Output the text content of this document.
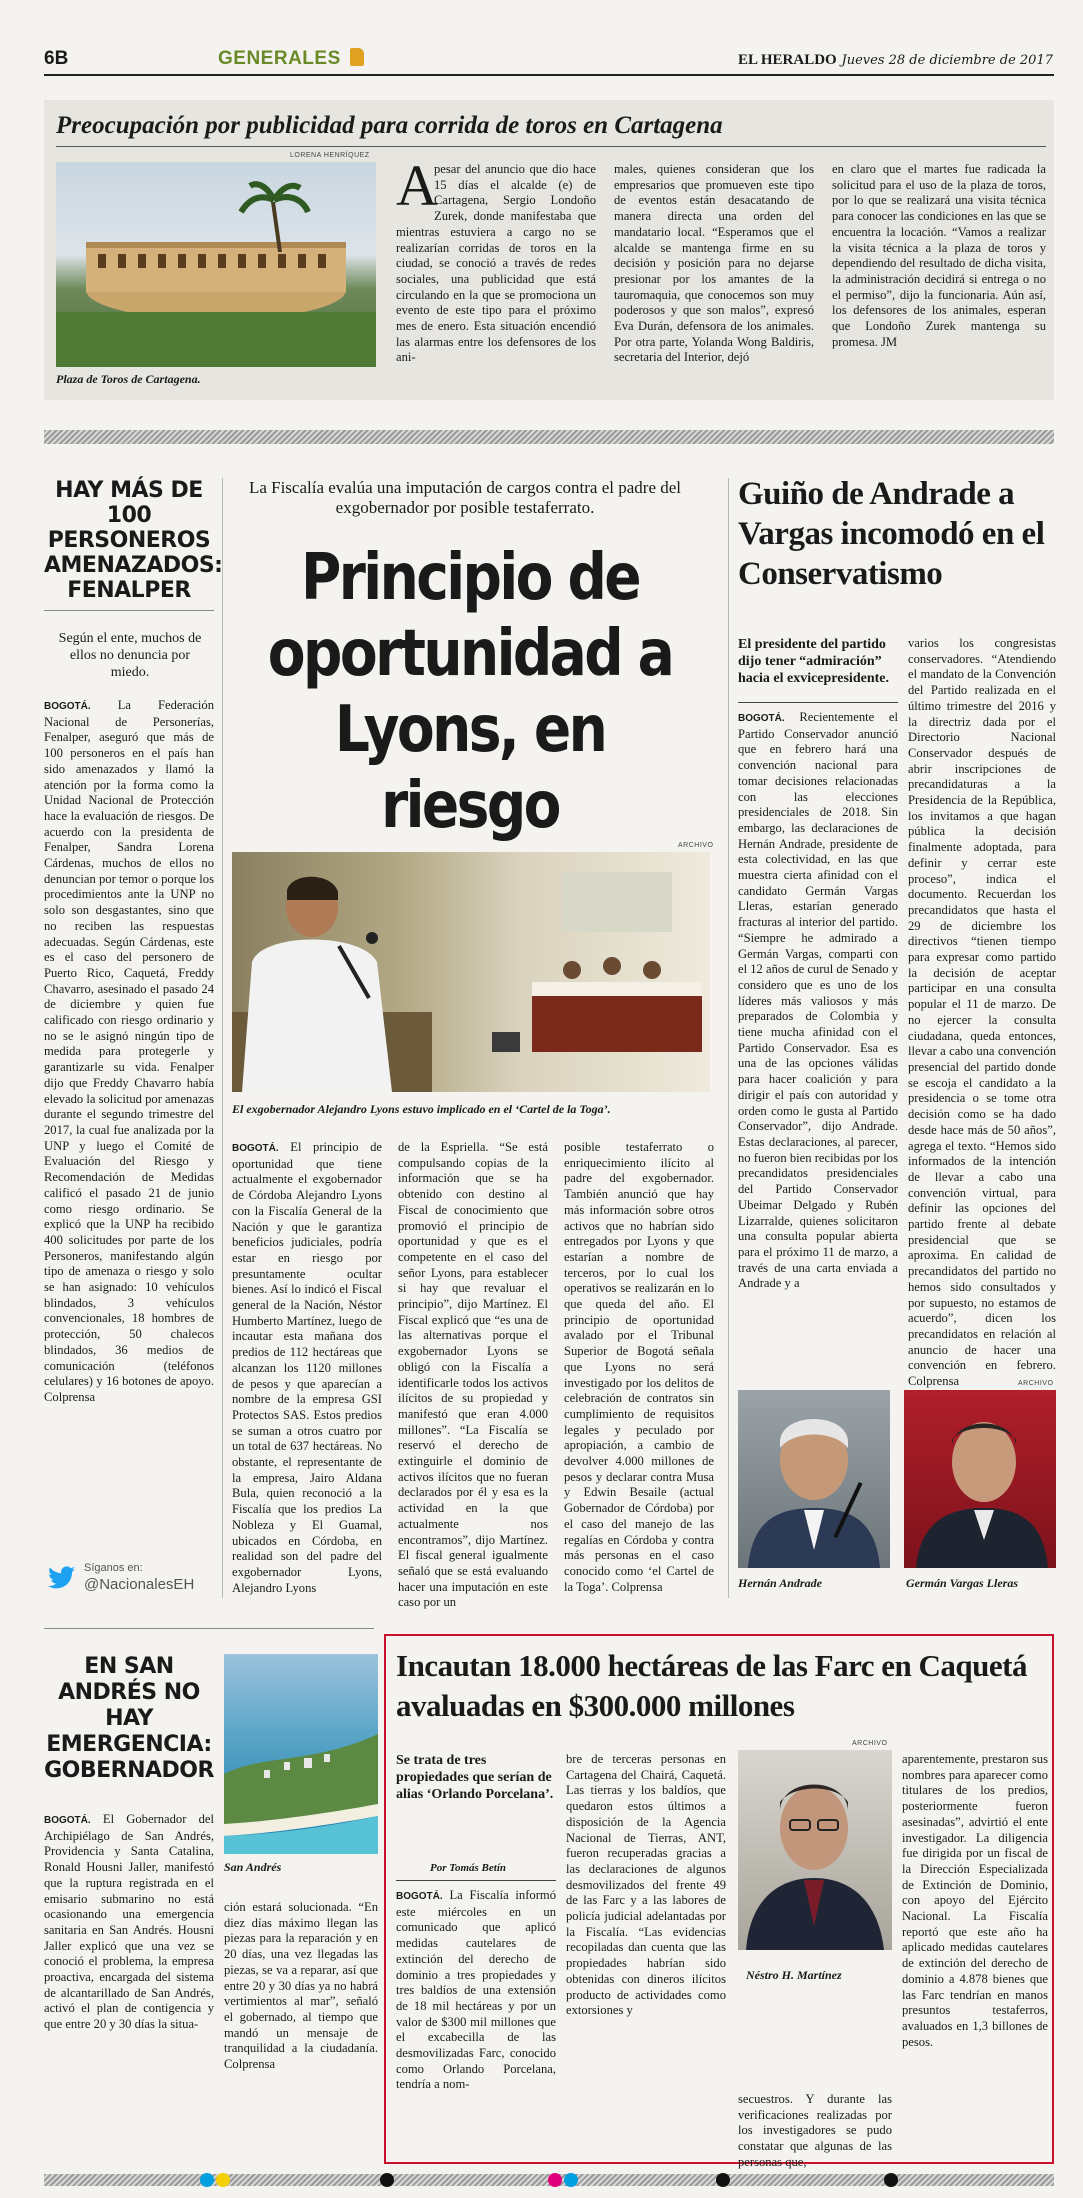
6B	GENERALES	EL HERALDO Jueves 28 de diciembre de 2017
Preocupación por publicidad para corrida de toros en Cartagena
LORENA HENRÍQUEZ
Plaza de Toros de Cartagena.
A
pesar del anuncio que dio hace 15 días el alcalde (e) de Cartagena, Sergio Londoño Zurek, donde manifestaba que mientras estuviera a cargo no se realizarían corridas de toros en la ciudad, se conoció a través de redes sociales, una publicidad que está circulando en la que se promociona un evento de este tipo para el próximo mes de enero. Esta situación encendió las alarmas entre los defensores de los ani-
males, quienes consideran que los empresarios que promueven este tipo de eventos están desacatando de manera directa una orden del mandatario local. “Esperamos que el alcalde se mantenga firme en su decisión y posición para no dejarse presionar por los amantes de la tauromaquia, que conocemos son muy poderosos y que son malos”, expresó Eva Durán, defensora de los animales. Por otra parte, Yolanda Wong Baldiris, secretaria del Interior, dejó
en claro que el martes fue radicada la solicitud para el uso de la plaza de toros, por lo que se realizará una visita técnica para conocer las condiciones en las que se encuentra la locación. “Vamos a realizar la visita técnica a la plaza de toros y dependiendo del resultado de dicha visita, la administración decidirá si entrega o no el permiso”, dijo la funcionaria. Aún así, los defensores de los animales, esperan que Londoño Zurek mantenga su promesa. JM
HAY MÁS DE 100 PERSONEROS AMENAZADOS: FENALPER
Según el ente, muchos de ellos no denuncia por miedo.
BOGOTÁ. La Federación Nacional de Personerías, Fenalper, aseguró que más de 100 personeros en el país han sido amenazados y llamó la atención por la forma como la Unidad Nacional de Protección hace la evaluación de riesgos. De acuerdo con la presidenta de Fenalper, Sandra Lorena Cárdenas, muchos de ellos no denuncian por temor o porque los procedimientos ante la UNP no solo son desgastantes, sino que no reciben las respuestas adecuadas. Según Cárdenas, este es el caso del personero de Puerto Rico, Caquetá, Freddy Chavarro, asesinado el pasado 24 de diciembre y quien fue calificado con riesgo ordinario y no se le asignó ningún tipo de medida para protegerle y garantizarle su vida. Fenalper dijo que Freddy Chavarro había elevado la solicitud por amenazas durante el segundo trimestre del 2017, la cual fue analizada por la UNP y luego el Comité de Evaluación del Riesgo y Recomendación de Medidas calificó el pasado 21 de junio como riesgo ordinario. Se explicó que la UNP ha recibido 400 solicitudes por parte de los Personeros, manifestando algún tipo de amenaza o riesgo y solo se han asignado: 10 vehículos blindados, 3 vehículos convencionales, 18 hombres de protección, 50 chalecos blindados, 36 medios de comunicación (teléfonos celulares) y 16 botones de apoyo. Colprensa
Síganos en:
@NacionalesEH
La Fiscalía evalúa una imputación de cargos contra el padre del exgobernador por posible testaferrato.
Principio de oportunidad a Lyons, en riesgo
ARCHIVO
El exgobernador Alejandro Lyons estuvo implicado en el ‘Cartel de la Toga’.
BOGOTÁ. El principio de oportunidad que tiene actualmente el exgobernador de Córdoba Alejandro Lyons con la Fiscalía General de la Nación y que le garantiza beneficios judiciales, podría estar en riesgo por presuntamente ocultar bienes. Así lo indicó el Fiscal general de la Nación, Néstor Humberto Martínez, luego de incautar esta mañana dos predios de 112 hectáreas que alcanzan los 1120 millones de pesos y que aparecían a nombre de la empresa GSI Protectos SAS. Estos predios se suman a otros cuatro por un total de 637 hectáreas. No obstante, el representante de la empresa, Jairo Aldana Bula, quien reconoció a la Fiscalía que los predios La Nobleza y El Guamal, ubicados en Córdoba, en realidad son del padre del exgobernador Lyons, Alejandro Lyons
de la Espriella. “Se está compulsando copias de la información que se ha obtenido con destino al Fiscal de conocimiento que promovió el principio de oportunidad y que es el competente en el caso del señor Lyons, para establecer si hay que revaluar el principio”, dijo Martínez. El Fiscal explicó que “es una de las alternativas porque el exgobernador Lyons se obligó con la Fiscalía a identificarle todos los activos ilícitos de su propiedad y manifestó que eran 4.000 millones”. “La Fiscalía se reservó el derecho de extinguirle el dominio de activos ilícitos que no fueran declarados por él y esa es la actividad en la que actualmente nos encontramos”, dijo Martínez. El fiscal general igualmente señaló que se está evaluando hacer una imputación en este caso por un
posible testaferrato o enriquecimiento ilícito al padre del exgobernador. También anunció que hay más información sobre otros activos que no habrían sido entregados por Lyons y que estarían a nombre de terceros, por lo cual los operativos se realizarán en lo que queda del año. El principio de oportunidad avalado por el Tribunal Superior de Bogotá señala que Lyons no será investigado por los delitos de celebración de contratos sin cumplimiento de requisitos legales y peculado por apropiación, a cambio de devolver 4.000 millones de pesos y declarar contra Musa y Edwin Besaile (actual Gobernador de Córdoba) por el caso del manejo de las regalías en Córdoba y contra más personas en el caso conocido como ‘el Cartel de la Toga’. Colprensa
Guiño de Andrade a Vargas incomodó en el Conservatismo
El presidente del partido dijo tener “admiración” hacia el exvicepresidente.
BOGOTÁ. Recientemente el Partido Conservador anunció que en febrero hará una convención nacional para tomar decisiones relacionadas con las elecciones presidenciales de 2018. Sin embargo, las declaraciones de Hernán Andrade, presidente de esta colectividad, en las que muestra cierta afinidad con el candidato Germán Vargas Lleras, estarían generado fracturas al interior del partido. “Siempre he admirado a Germán Vargas, comparti con el 12 años de curul de Senado y considero que es uno de los líderes más valiosos y más preparados de Colombia y tiene mucha afinidad con el Partido Conservador. Esa es una de las opciones válidas para hacer coalición y para dirigir el país con autoridad y orden como le gusta al Partido Conservador”, dijo Andrade. Estas declaraciones, al parecer, no fueron bien recibidas por los precandidatos presidenciales del Partido Conservador Ubeimar Delgado y Rubén Lizarralde, quienes solicitaron una consulta popular abierta para el próximo 11 de marzo, a través de una carta enviada a Andrade y a
varios los congresistas conservadores. “Atendiendo el mandato de la Convención del Partido realizada en el último trimestre del 2016 y la directriz dada por el Directorio Nacional Conservador después de abrir inscripciones de precandidaturas a la Presidencia de la República, los invitamos a que hagan pública la decisión finalmente adoptada, para definir y cerrar este proceso”, indica el documento. Recuerdan los precandidatos que hasta el 29 de diciembre los directivos “tienen tiempo para expresar como partido la decisión de aceptar participar en una consulta popular el 11 de marzo. De no ejercer la consulta ciudadana, queda entonces, llevar a cabo una convención presencial del partido donde se escoja el candidato a la presidencia o se tome otra decisión como se ha dado desde hace más de 50 años”, agrega el texto. “Hemos sido informados de la intención de llevar a cabo una convención virtual, para definir las opciones del partido frente al debate presidencial que se aproxima. En calidad de precandidatos del partido no hemos sido consultados y por supuesto, no estamos de acuerdo”, dicen los precandidatos en relación al anuncio de hacer una convención en febrero. Colprensa	ARCHIVO
Hernán Andrade	Germán Vargas Lleras
EN SAN ANDRÉS NO HAY EMERGENCIA: GOBERNADOR
San Andrés
BOGOTÁ. El Gobernador del Archipiélago de San Andrés, Providencia y Santa Catalina, Ronald Housni Jaller, manifestó que la ruptura registrada en el emisario submarino no está ocasionando una emergencia sanitaria en San Andrés. Housni Jaller explicó que una vez se conoció el problema, la empresa proactiva, encargada del sistema de alcantarillado de San Andrés, activó el plan de contigencia y que entre 20 y 30 días la situa-
ción estará solucionada. “En diez días máximo llegan las piezas para la reparación y en 20 días, una vez llegadas las piezas, se va a reparar, así que entre 20 y 30 días ya no habrá vertimientos al mar”, señaló el gobernado, al tiempo que mandó un mensaje de tranquilidad a la ciudadanía. Colprensa
Incautan 18.000 hectáreas de las Farc en Caquetá avaluadas en $300.000 millones
Se trata de tres propiedades que serían de alias ‘Orlando Porcelana’.
Por Tomás Betín
BOGOTÁ. La Fiscalía informó este miércoles en un comunicado que aplicó medidas cautelares de extinción del derecho de dominio a tres propiedades y tres baldíos de una extensión de 18 mil hectáreas y por un valor de $300 mil millones que el excabecilla de las desmovilizadas Farc, conocido como Orlando Porcelana, tendría a nom-
bre de terceras personas en Cartagena del Chairá, Caquetá. Las tierras y los baldíos, que quedaron estos últimos a disposición de la Agencia Nacional de Tierras, ANT, fueron recuperadas gracias a las declaraciones de algunos desmovilizados del frente 49 de las Farc y a las labores de policía judicial adelantadas por la Fiscalía. “Las evidencias recopiladas dan cuenta que las propiedades habrían sido obtenidas con dineros ilícitos producto de actividades como extorsiones y
ARCHIVO
Néstro H. Martínez
secuestros. Y durante las verificaciones realizadas por los investigadores se pudo constatar que algunas de las personas que,
aparentemente, prestaron sus nombres para aparecer como titulares de los predios, posteriormente fueron asesinadas”, advirtió el ente investigador. La diligencia fue dirigida por un fiscal de la Dirección Especializada de Extinción de Dominio, con apoyo del Ejército Nacional. La Fiscalía reportó que este año ha aplicado medidas cautelares de extinción del derecho de dominio a 4.878 bienes que las Farc tendrían en manos presuntos testaferros, avaluados en 1,3 billones de pesos.
